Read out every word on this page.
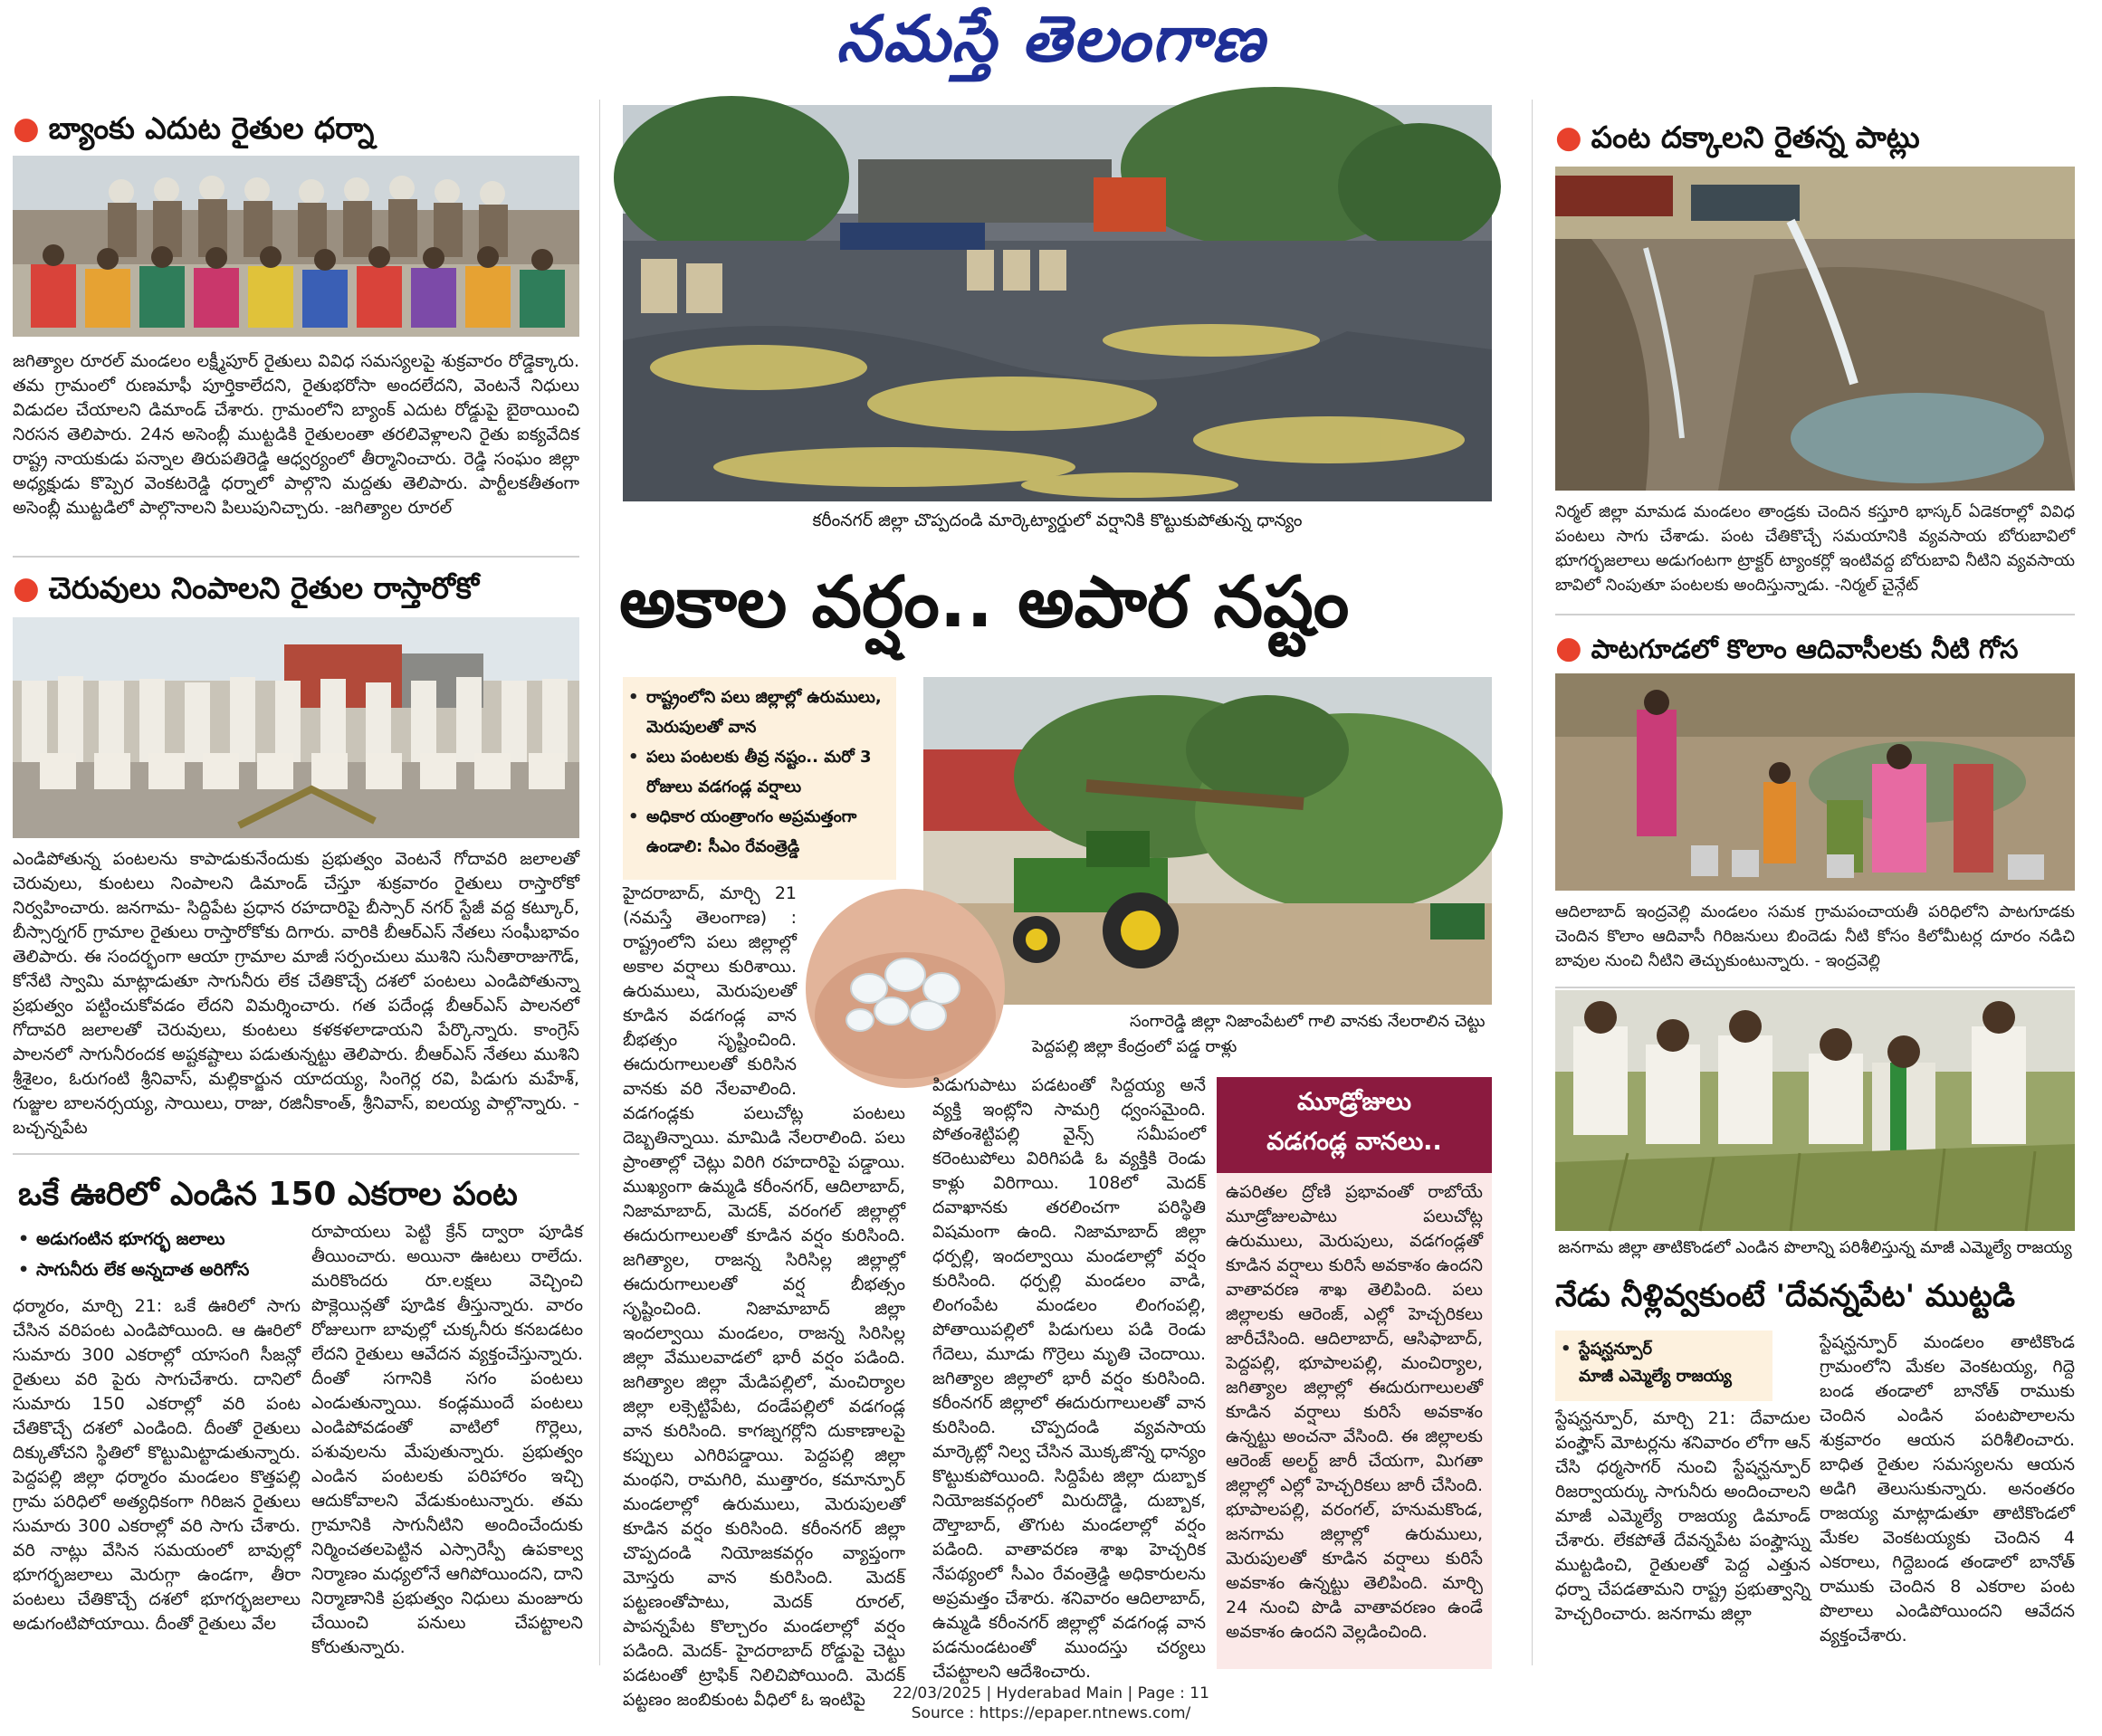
నమస్తే తెలంగాణ
● బ్యాంకు ఎదుట రైతుల ధర్నా
జగిత్యాల రూరల్ మండలం లక్ష్మీపూర్ రైతులు వివిధ సమస్యలపై శుక్రవారం రోడ్డెక్కారు. తమ గ్రామంలో రుణమాఫీ పూర్తికాలేదని, రైతుభరోసా అందలేదని, వెంటనే నిధులు విడుదల చేయాలని డిమాండ్ చేశారు. గ్రామంలోని బ్యాంక్ ఎదుట రోడ్డుపై బైఠాయించి నిరసన తెలిపారు. 24న అసెంబ్లీ ముట్టడికి రైతులంతా తరలివెళ్లాలని రైతు ఐక్యవేదిక రాష్ట్ర నాయకుడు పన్నాల తిరుపతిరెడ్డి ఆధ్వర్యంలో తీర్మానించారు. రెడ్డి సంఘం జిల్లా అధ్యక్షుడు కొప్పెర వెంకటరెడ్డి ధర్నాలో పాల్గొని మద్దతు తెలిపారు. పార్టీలకతీతంగా అసెంబ్లీ ముట్టడిలో పాల్గొనాలని పిలుపునిచ్చారు. -జగిత్యాల రూరల్
● చెరువులు నింపాలని రైతుల రాస్తారోకో
ఎండిపోతున్న పంటలను కాపాడుకునేందుకు ప్రభుత్వం వెంటనే గోదావరి జలాలతో చెరువులు, కుంటలు నింపాలని డిమాండ్ చేస్తూ శుక్రవారం రైతులు రాస్తారోకో నిర్వహించారు. జనగామ- సిద్దిపేట ప్రధాన రహదారిపై బీస్సార్ నగర్ స్టేజీ వద్ద కట్కూర్, బీస్సార్నగర్ గ్రామాల రైతులు రాస్తారోకోకు దిగారు. వారికి బీఆర్ఎస్ నేతలు సంఘీభావం తెలిపారు. ఈ సందర్భంగా ఆయా గ్రామాల మాజీ సర్పంచులు ముశిని సునీతారాజుగౌడ్, కోనేటి స్వామి మాట్లాడుతూ సాగునీరు లేక చేతికొచ్చే దశలో పంటలు ఎండిపోతున్నా ప్రభుత్వం పట్టించుకోవడం లేదని విమర్శించారు. గత పదేండ్ల బీఆర్ఎస్ పాలనలో గోదావరి జలాలతో చెరువులు, కుంటలు కళకళలాడాయని పేర్కొన్నారు. కాంగ్రెస్ పాలనలో సాగునీరందక అష్టకష్టాలు పడుతున్నట్టు తెలిపారు. బీఆర్ఎస్ నేతలు ముశిని శ్రీశైలం, ఓరుగంటి శ్రీనివాస్, మల్లికార్జున యాదయ్య, సింగెర్ల రవి, పిడుగు మహేశ్, గుజ్జుల బాలనర్సయ్య, సాయిలు, రాజు, రజినీకాంత్, శ్రీనివాస్, ఐలయ్య పాల్గొన్నారు. - బచ్చన్నపేట
ఒకే ఊరిలో ఎండిన 150 ఎకరాల పంట
• అడుగంటిన భూగర్భ జలాలు
• సాగునీరు లేక అన్నదాత అరిగోస
ధర్మారం, మార్చి 21: ఒకే ఊరిలో సాగు చేసిన వరిపంట ఎండిపోయింది. ఆ ఊరిలో సుమారు 300 ఎకరాల్లో యాసంగి సీజన్లో రైతులు వరి పైరు సాగుచేశారు. దానిలో సుమారు 150 ఎకరాల్లో వరి పంట చేతికొచ్చే దశలో ఎండింది. దీంతో రైతులు దిక్కుతోచని స్థితిలో కొట్టుమిట్టాడుతున్నారు. పెద్దపల్లి జిల్లా ధర్మారం మండలం కొత్తపల్లి గ్రామ పరిధిలో అత్యధికంగా గిరిజన రైతులు సుమారు 300 ఎకరాల్లో వరి సాగు చేశారు. వరి నాట్లు వేసిన సమయంలో బావుల్లో భూగర్భజలాలు మెరుగ్గా ఉండగా, తీరా పంటలు చేతికొచ్చే దశలో భూగర్భజలాలు అడుగంటిపోయాయి. దీంతో రైతులు వేల
రూపాయలు పెట్టి క్రేన్ ద్వారా పూడిక తీయించారు. అయినా ఊటలు రాలేదు. మరికొందరు రూ.లక్షలు వెచ్చించి పొక్లెయిన్లతో పూడిక తీస్తున్నారు. వారం రోజులుగా బావుల్లో చుక్కనీరు కనబడటం లేదని రైతులు ఆవేదన వ్యక్తంచేస్తున్నారు. దీంతో సగానికి సగం పంటలు ఎండుతున్నాయి. కండ్లముందే పంటలు ఎండిపోవడంతో వాటిలో గొర్లెలు, పశువులను మేపుతున్నారు. ప్రభుత్వం ఎండిన పంటలకు పరిహారం ఇచ్చి ఆదుకోవాలని వేడుకుంటున్నారు. తమ గ్రామానికి సాగునీటిని అందించేందుకు నిర్మించతలపెట్టిన ఎస్సారెస్పీ ఉపకాల్వ నిర్మాణం మధ్యలోనే ఆగిపోయిందని, దాని నిర్మాణానికి ప్రభుత్వం నిధులు మంజూరు చేయించి పనులు చేపట్టాలని కోరుతున్నారు.
కరీంనగర్ జిల్లా చొప్పదండి మార్కెట్యార్డులో వర్షానికి కొట్టుకుపోతున్న ధాన్యం
అకాల వర్షం.. అపార నష్టం
• రాష్ట్రంలోని పలు జిల్లాల్లో ఉరుములు, మెరుపులతో వాన
• పలు పంటలకు తీవ్ర నష్టం.. మరో 3 రోజులు వడగండ్ల వర్షాలు
• అధికార యంత్రాంగం అప్రమత్తంగా ఉండాలి: సీఎం రేవంత్రెడ్డి
సంగారెడ్డి జిల్లా నిజాంపేటలో గాలి వానకు నేలరాలిన చెట్టు
పెద్దపల్లి జిల్లా కేంద్రంలో పడ్డ రాళ్లు
హైదరాబాద్, మార్చి 21 (నమస్తే తెలంగాణ) : రాష్ట్రంలోని పలు జిల్లాల్లో అకాల వర్షాలు కురిశాయి. ఉరుములు, మెరుపులతో కూడిన వడగండ్ల వాన బీభత్సం సృష్టించింది. ఈదురుగాలులతో కురిసిన వానకు వరి నేలవాలింది. వడగండ్లకు పలుచోట్ల పంటలు దెబ్బతిన్నాయి. మామిడి నేలరాలింది. పలు ప్రాంతాల్లో చెట్లు విరిగి రహదారిపై పడ్డాయి. ముఖ్యంగా ఉమ్మడి కరీంనగర్, ఆదిలాబాద్, నిజామాబాద్, మెదక్, వరంగల్ జిల్లాల్లో ఈదురుగాలులతో కూడిన వర్షం కురిసింది. జగిత్యాల, రాజన్న సిరిసిల్ల జిల్లాల్లో ఈదురుగాలులతో వర్ష బీభత్సం సృష్టించింది. నిజామాబాద్ జిల్లా ఇందల్వాయి మండలం, రాజన్న సిరిసిల్ల జిల్లా వేములవాడలో భారీ వర్షం పడింది. జగిత్యాల జిల్లా మేడిపల్లిలో, మంచిర్యాల జిల్లా లక్సెట్టిపేట, దండేపల్లిలో వడగండ్ల వాన కురిసింది. కాగజ్నగర్లోని దుకాణాలపై కప్పులు ఎగిరిపడ్డాయి. పెద్దపల్లి జిల్లా మంథని, రామగిరి, ముత్తారం, కమాన్పూర్ మండలాల్లో ఉరుములు, మెరుపులతో కూడిన వర్షం కురిసింది. కరీంనగర్ జిల్లా చొప్పదండి నియోజకవర్గం వ్యాప్తంగా మోస్తరు వాన కురిసింది. మెదక్ పట్టణంతోపాటు, మెదక్ రూరల్, పాపన్నపేట కొల్చారం మండలాల్లో వర్షం పడింది. మెదక్- హైదరాబాద్ రోడ్డుపై చెట్టు పడటంతో ట్రాఫిక్ నిలిచిపోయింది. మెదక్ పట్టణం జంబికుంట వీధిలో ఓ ఇంటిపై
పిడుగుపాటు పడటంతో సిద్దయ్య అనే వ్యక్తి ఇంట్లోని సామగ్రి ధ్వంసమైంది. పోతంశెట్టిపల్లి వైన్స్ సమీపంలో కరెంటుపోలు విరిగిపడి ఓ వ్యక్తికి రెండు కాళ్లు విరిగాయి. 108లో మెదక్ దవాఖానకు తరలించగా పరిస్థితి విషమంగా ఉంది. నిజామాబాద్ జిల్లా ధర్పల్లి, ఇందల్వాయి మండలాల్లో వర్షం కురిసింది. ధర్పల్లి మండలం వాడి, లింగంపేట మండలం లింగంపల్లి, పోతాయిపల్లిలో పిడుగులు పడి రెండు గేదెలు, మూడు గొర్రెలు మృతి చెందాయి. జగిత్యాల జిల్లాలో భారీ వర్షం కురిసింది. కరీంనగర్ జిల్లాలో ఈదురుగాలులతో వాన కురిసింది. చొప్పదండి వ్యవసాయ మార్కెట్లో నిల్వ చేసిన మొక్కజొన్న ధాన్యం కొట్టుకుపోయింది. సిద్దిపేట జిల్లా దుబ్బాక నియోజకవర్గంలో మిరుదొడ్డి, దుబ్బాక, దౌల్తాబాద్, తొగుట మండలాల్లో వర్షం పడింది. వాతావరణ శాఖ హెచ్చరిక నేపథ్యంలో సీఎం రేవంత్రెడ్డి అధికారులను అప్రమత్తం చేశారు. శనివారం ఆదిలాబాద్, ఉమ్మడి కరీంనగర్ జిల్లాల్లో వడగండ్ల వాన పడనుండటంతో ముందస్తు చర్యలు చేపట్టాలని ఆదేశించారు.
మూడ్రోజులు
వడగండ్ల వానలు..
ఉపరితల ద్రోణి ప్రభావంతో రాబోయే మూడ్రోజులపాటు పలుచోట్ల ఉరుములు, మెరుపులు, వడగండ్లతో కూడిన వర్షాలు కురిసే అవకాశం ఉందని వాతావరణ శాఖ తెలిపింది. పలు జిల్లాలకు ఆరెంజ్, ఎల్లో హెచ్చరికలు జారీచేసింది. ఆదిలాబాద్, ఆసిఫాబాద్, పెద్దపల్లి, భూపాలపల్లి, మంచిర్యాల, జగిత్యాల జిల్లాల్లో ఈదురుగాలులతో కూడిన వర్షాలు కురిసే అవకాశం ఉన్నట్టు అంచనా వేసింది. ఈ జిల్లాలకు ఆరెంజ్ అలర్ట్ జారీ చేయగా, మిగతా జిల్లాల్లో ఎల్లో హెచ్చరికలు జారీ చేసింది. భూపాలపల్లి, వరంగల్, హనుమకొండ, జనగామ జిల్లాల్లో ఉరుములు, మెరుపులతో కూడిన వర్షాలు కురిసే అవకాశం ఉన్నట్టు తెలిపింది. మార్చి 24 నుంచి పొడి వాతావరణం ఉండే అవకాశం ఉందని వెల్లడించింది.
● పంట దక్కాలని రైతన్న పాట్లు
నిర్మల్ జిల్లా మామడ మండలం తాండ్రకు చెందిన కస్తూరి భాస్కర్ ఏడెకరాల్లో వివిధ పంటలు సాగు చేశాడు. పంట చేతికొచ్చే సమయానికి వ్యవసాయ బోరుబావిలో భూగర్భజలాలు అడుగంటగా ట్రాక్టర్ ట్యాంకర్లో ఇంటివద్ద బోరుబావి నీటిని వ్యవసాయ బావిలో నింపుతూ పంటలకు అందిస్తున్నాడు. -నిర్మల్ చైన్గేట్
● పాటగూడలో కొలాం ఆదివాసీలకు నీటి గోస
ఆదిలాబాద్ ఇంద్రవెల్లి మండలం సమక గ్రామపంచాయతీ పరిధిలోని పాటగూడకు చెందిన కొలాం ఆదివాసీ గిరిజనులు బిందెడు నీటి కోసం కిలోమీటర్ల దూరం నడిచి బావుల నుంచి నీటిని తెచ్చుకుంటున్నారు. - ఇంద్రవెల్లి
జనగామ జిల్లా తాటికొండలో ఎండిన పొలాన్ని పరిశీలిస్తున్న మాజీ ఎమ్మెల్యే రాజయ్య
నేడు నీళ్లివ్వకుంటే 'దేవన్నపేట' ముట్టడి
• స్టేషన్ఘన్పూర్
మాజీ ఎమ్మెల్యే రాజయ్య
స్టేషన్ఘన్పూర్, మార్చి 21: దేవాదుల పంప్హౌస్ మోటర్లను శనివారం లోగా ఆన్ చేసి ధర్మసాగర్ నుంచి స్టేషన్ఘన్పూర్ రిజర్వాయర్కు సాగునీరు అందించాలని మాజీ ఎమ్మెల్యే రాజయ్య డిమాండ్ చేశారు. లేకపోతే దేవన్నపేట పంప్హౌస్ను ముట్టడించి, రైతులతో పెద్ద ఎత్తున ధర్నా చేపడతామని రాష్ట్ర ప్రభుత్వాన్ని హెచ్చరించారు. జనగామ జిల్లా
స్టేషన్ఘన్పూర్ మండలం తాటికొండ గ్రామంలోని మేకల వెంకటయ్య, గిద్దె బండ తండాలో బానోత్ రాముకు చెందిన ఎండిన పంటపొలాలను శుక్రవారం ఆయన పరిశీలించారు. బాధిత రైతుల సమస్యలను ఆయన అడిగి తెలుసుకున్నారు. అనంతరం రాజయ్య మాట్లాడుతూ తాటికొండలో మేకల వెంకటయ్యకు చెందిన 4 ఎకరాలు, గిద్దెబండ తండాలో బానోత్ రాముకు చెందిన 8 ఎకరాల పంట పొలాలు ఎండిపోయిందని ఆవేదన వ్యక్తంచేశారు.
22/03/2025 | Hyderabad Main | Page : 11
Source : https://epaper.ntnews.com/
